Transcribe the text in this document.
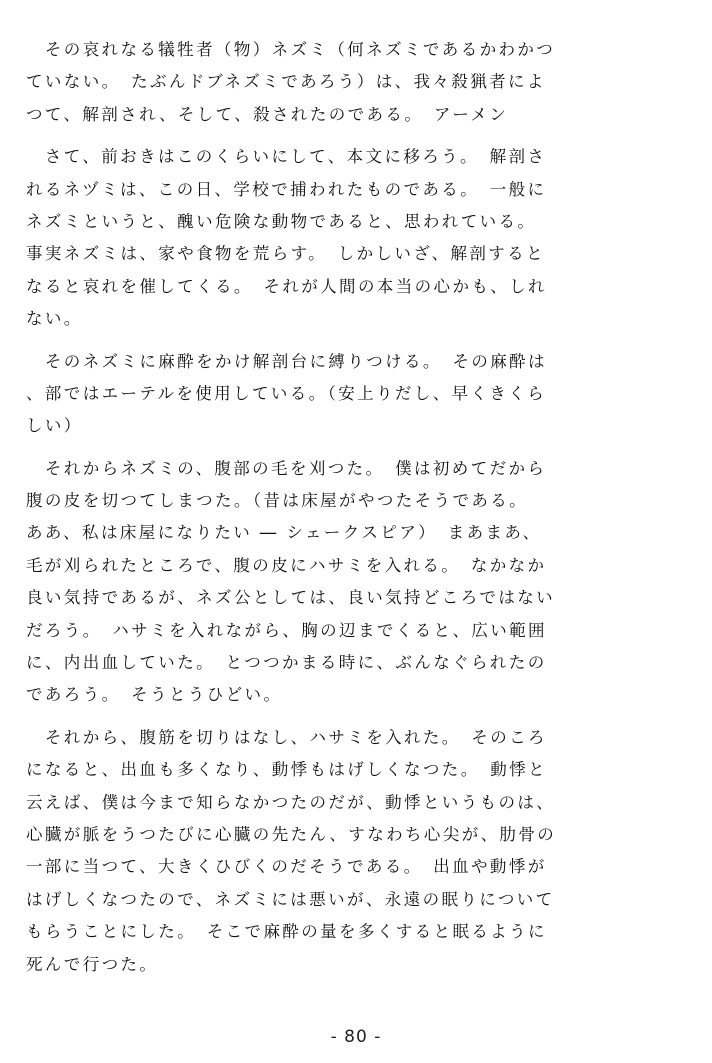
　その哀れなる犠牲者（物）ネズミ（何ネズミであるかわかつ
ていない。　たぶんドブネズミであろう）は、我々殺猟者によ
つて、解剖され、そして、殺されたのである。　アーメン
　さて、前おきはこのくらいにして、本文に移ろう。　解剖さ
れるネヅミは、この日、学校で捕われたものである。　一般に
ネズミというと、醜い危険な動物であると、思われている。
事実ネズミは、家や食物を荒らす。　しかしいざ、解剖すると
なると哀れを催してくる。　それが人間の本当の心かも、しれ
ない。
　そのネズミに麻酔をかけ解剖台に縛りつける。　その麻酔は
、部ではエーテルを使用している。（安上りだし、早くきくら
しい）
　それからネズミの、腹部の毛を刈つた。　僕は初めてだから
腹の皮を切つてしまつた。（昔は床屋がやつたそうである。
ああ、私は床屋になりたい ― シェークスピア）　まあまあ、
毛が刈られたところで、腹の皮にハサミを入れる。　なかなか
良い気持であるが、ネズ公としては、良い気持どころではない
だろう。　ハサミを入れながら、胸の辺までくると、広い範囲
に、内出血していた。　とつつかまる時に、ぶんなぐられたの
であろう。　そうとうひどい。
　それから、腹筋を切りはなし、ハサミを入れた。　そのころ
になると、出血も多くなり、動悸もはげしくなつた。　動悸と
云えば、僕は今まで知らなかつたのだが、動悸というものは、
心臓が脈をうつたびに心臓の先たん、すなわち心尖が、肋骨の
一部に当つて、大きくひびくのだそうである。　出血や動悸が
はげしくなつたので、ネズミには悪いが、永遠の眠りについて
もらうことにした。　そこで麻酔の量を多くすると眠るように
死んで行つた。
- 80 -
